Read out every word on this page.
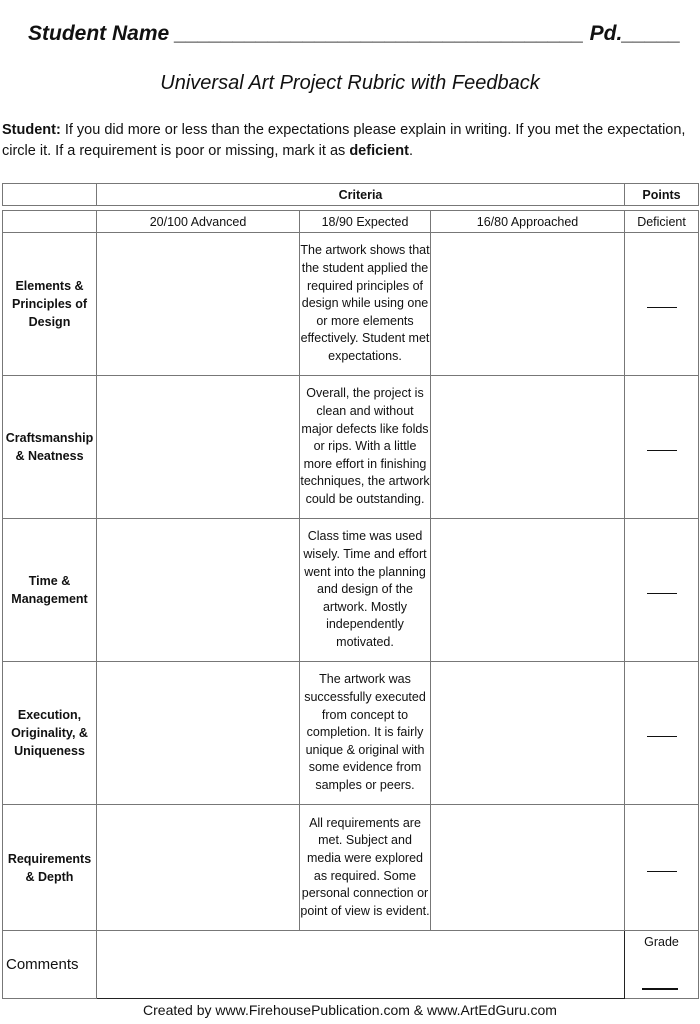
Student Name ___________________________________ Pd._____
Universal Art Project Rubric with Feedback
Student: If you did more or less than the expectations please explain in writing. If you met the expectation, circle it. If a requirement is poor or missing, mark it as deficient.
	Criteria			Points

	20/100 Advanced	18/90 Expected	16/80 Approached	Deficient
Elements & Principles of Design		The artwork shows that the student applied the required principles of design while using one or more elements effectively. Student met expectations.		
Craftsmanship & Neatness		Overall, the project is clean and without major defects like folds or rips. With a little more effort in finishing techniques, the artwork could be outstanding.		
Time & Management		Class time was used wisely. Time and effort went into the planning and design of the artwork. Mostly independently motivated.		
Execution, Originality, & Uniqueness		The artwork was successfully executed from concept to completion. It is fairly unique & original with some evidence from samples or peers.		
Requirements & Depth		All requirements are met. Subject and media were explored as required. Some personal connection or point of view is evident.		
Comments				Grade
Created by www.FirehousePublication.com & www.ArtEdGuru.com
